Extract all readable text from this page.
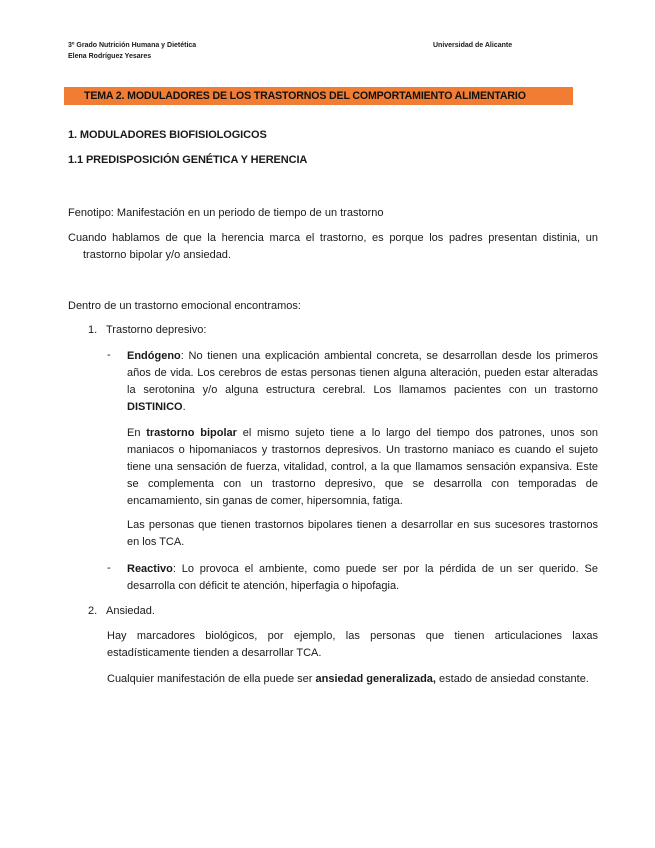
3º Grado Nutrición Humana y Dietética
Elena Rodríguez Yesares
Universidad de Alicante
TEMA 2. MODULADORES DE LOS TRASTORNOS DEL COMPORTAMIENTO ALIMENTARIO
1. MODULADORES BIOFISIOLOGICOS
1.1 PREDISPOSICIÓN GENÉTICA Y HERENCIA
Fenotipo: Manifestación en un periodo de tiempo de un trastorno
Cuando hablamos de que la herencia marca el trastorno, es porque los padres presentan distinia, un trastorno bipolar y/o ansiedad.
Dentro de un trastorno emocional encontramos:
1. Trastorno depresivo:
- Endógeno: No tienen una explicación ambiental concreta, se desarrollan desde los primeros años de vida. Los cerebros de estas personas tienen alguna alteración, pueden estar alteradas la serotonina y/o alguna estructura cerebral. Los llamamos pacientes con un trastorno DISTINICO.
En trastorno bipolar el mismo sujeto tiene a lo largo del tiempo dos patrones, unos son maniacos o hipomaniacos y trastornos depresivos. Un trastorno maniaco es cuando el sujeto tiene una sensación de fuerza, vitalidad, control, a la que llamamos sensación expansiva. Este se complementa con un trastorno depresivo, que se desarrolla con temporadas de encamamiento, sin ganas de comer, hipersomnia, fatiga.
Las personas que tienen trastornos bipolares tienen a desarrollar en sus sucesores trastornos en los TCA.
- Reactivo: Lo provoca el ambiente, como puede ser por la pérdida de un ser querido. Se desarrolla con déficit te atención, hiperfagia o hipofagia.
2. Ansiedad.
Hay marcadores biológicos, por ejemplo, las personas que tienen articulaciones laxas estadísticamente tienden a desarrollar TCA.
Cualquier manifestación de ella puede ser ansiedad generalizada, estado de ansiedad constante.
